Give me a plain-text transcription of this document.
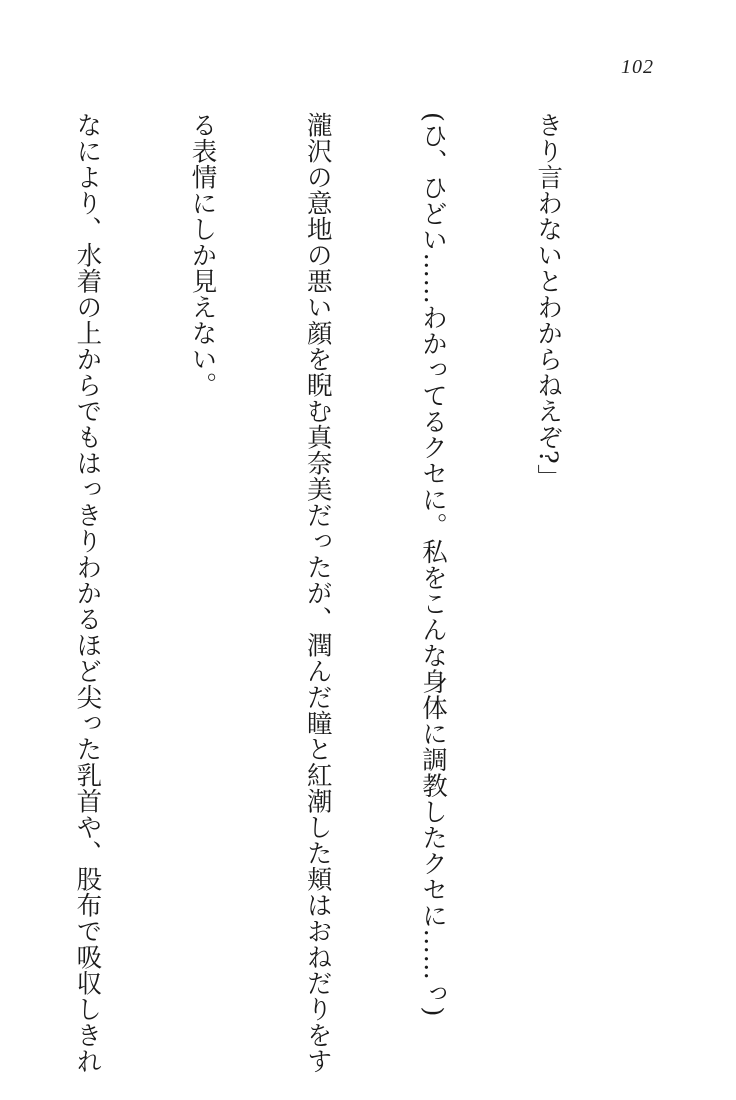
102

きり言わないとわからねえぞ?」

(ひ、ひどい……わかってるクセに。私をこんな身体に調教したクセに……っ)

瀧沢の意地の悪い顔を睨む真奈美だったが、潤んだ瞳と紅潮した頬はおねだりをす

る表情にしか見えない。

なにより、水着の上からでもはっきりわかるほど尖った乳首や、股布で吸収しきれ
